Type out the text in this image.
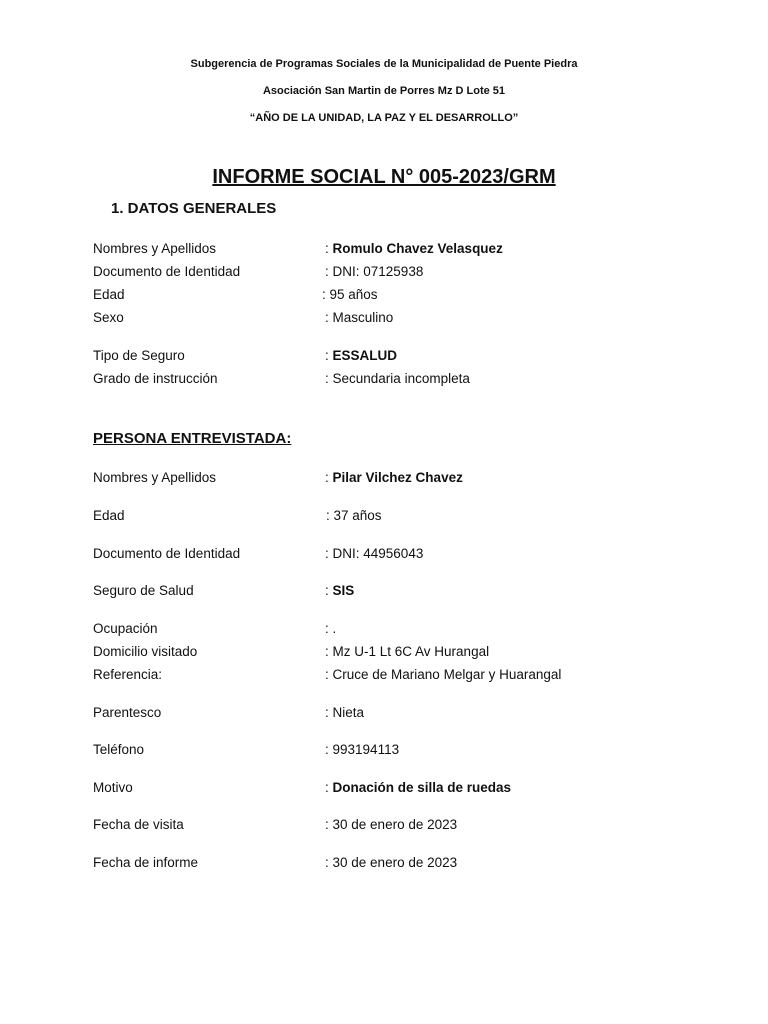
Subgerencia de Programas Sociales de la Municipalidad de Puente Piedra
Asociación San Martin de Porres Mz D Lote 51
“AÑO DE LA UNIDAD, LA PAZ Y EL DESARROLLO”
INFORME SOCIAL N° 005-2023/GRM
1. DATOS GENERALES
Nombres y Apellidos	: Romulo Chavez Velasquez
Documento de Identidad	: DNI: 07125938
Edad	: 95 años
Sexo	: Masculino
Tipo de Seguro	: ESSALUD
Grado de instrucción	: Secundaria incompleta
PERSONA ENTREVISTADA:
Nombres y Apellidos	: Pilar Vilchez Chavez
Edad	: 37 años
Documento de Identidad	: DNI: 44956043
Seguro de Salud	: SIS
Ocupación	: .
Domicilio visitado	: Mz U-1 Lt 6C Av Hurangal
Referencia:	: Cruce de Mariano Melgar y Huarangal
Parentesco	: Nieta
Teléfono	: 993194113
Motivo	: Donación de silla de ruedas
Fecha de visita	: 30 de enero de 2023
Fecha de informe	: 30 de enero de 2023
